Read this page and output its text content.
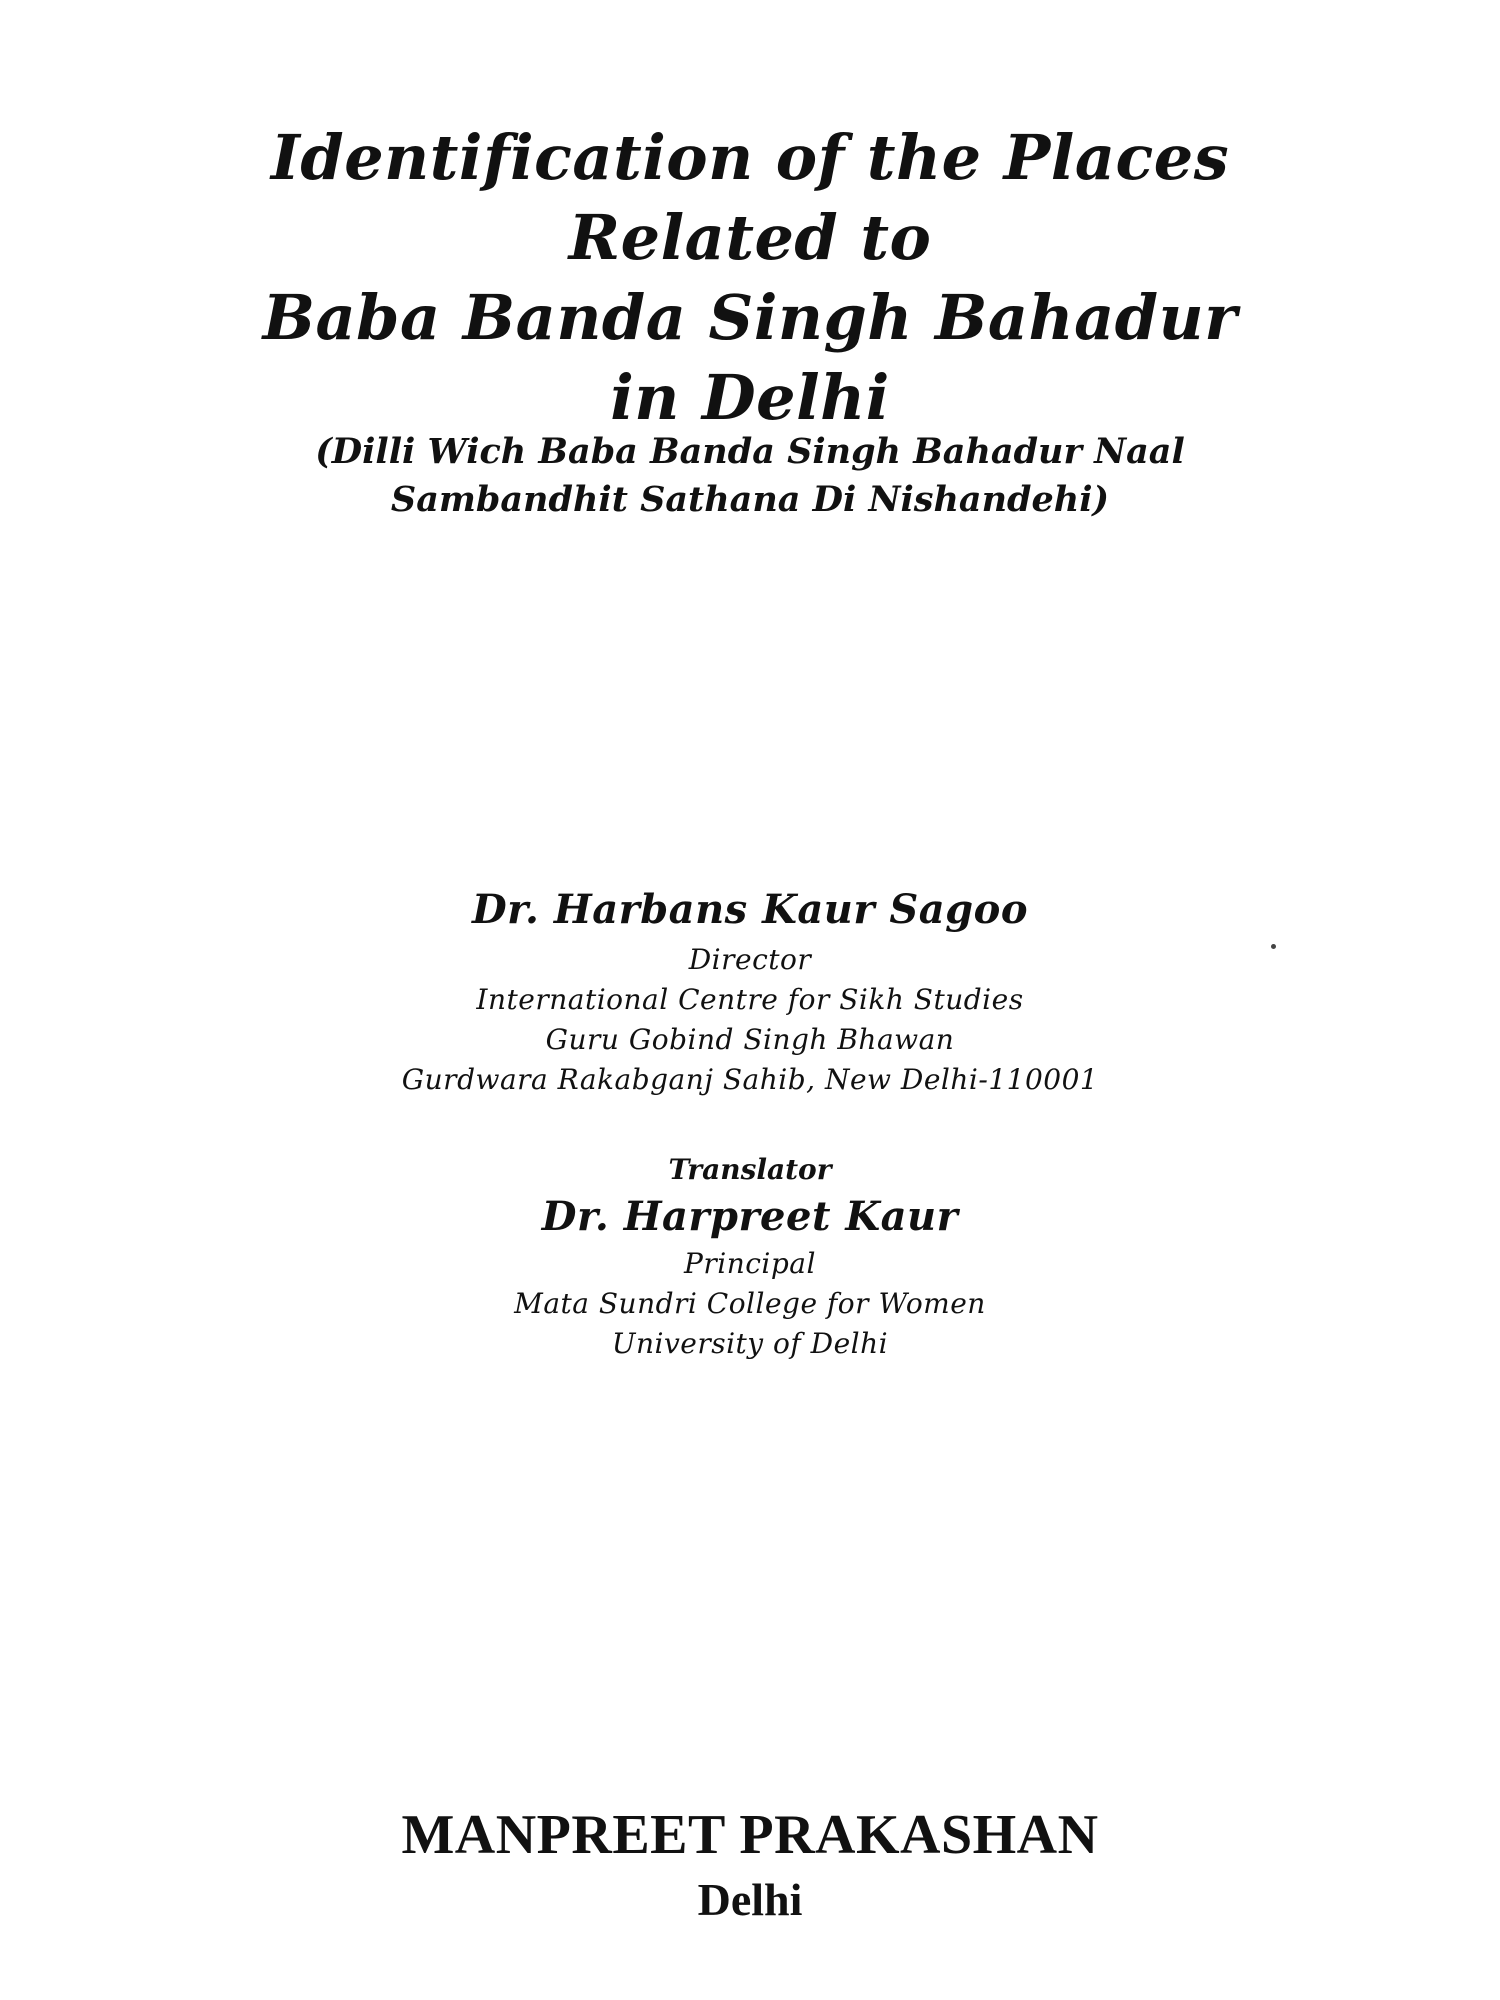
Identification of the Places
Related to
Baba Banda Singh Bahadur
in Delhi
(Dilli Wich Baba Banda Singh Bahadur Naal
Sambandhit Sathana Di Nishandehi)
Dr. Harbans Kaur Sagoo
Director
International Centre for Sikh Studies
Guru Gobind Singh Bhawan
Gurdwara Rakabganj Sahib, New Delhi-110001
Translator
Dr. Harpreet Kaur
Principal
Mata Sundri College for Women
University of Delhi
MANPREET PRAKASHAN
Delhi
